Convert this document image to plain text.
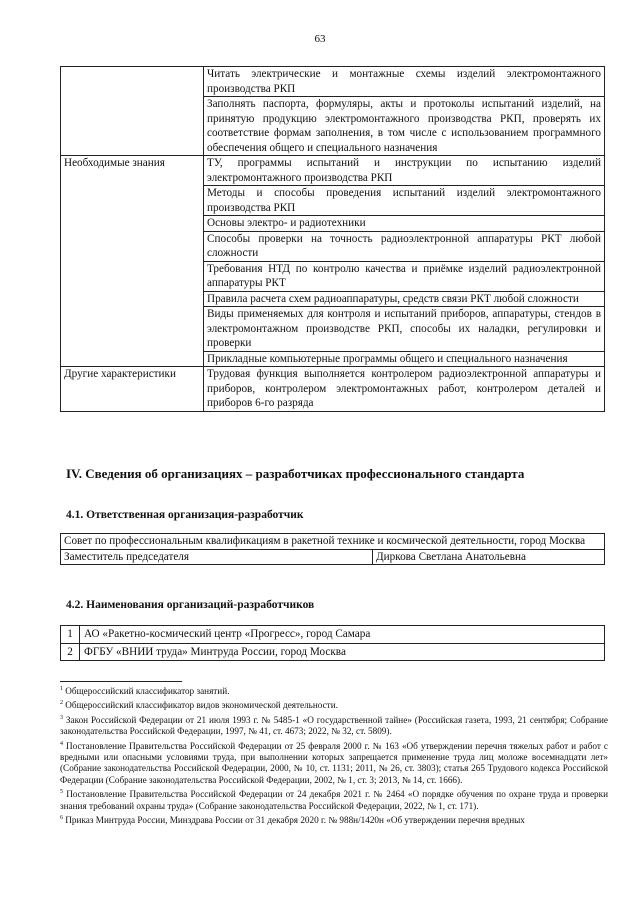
63
	Читать электрические и монтажные схемы изделий электромонтажного производства РКП
	Заполнять паспорта, формуляры, акты и протоколы испытаний изделий, на принятую продукцию электромонтажного производства РКП, проверять их соответствие формам заполнения, в том числе с использованием программного обеспечения общего и специального назначения
Необходимые знания	ТУ, программы испытаний и инструкции по испытанию изделий электромонтажного производства РКП
	Методы и способы проведения испытаний изделий электромонтажного производства РКП
	Основы электро- и радиотехники
	Способы проверки на точность радиоэлектронной аппаратуры РКТ любой сложности
	Требования НТД по контролю качества и приёмке изделий радиоэлектронной аппаратуры РКТ
	Правила расчета схем радиоаппаратуры, средств связи РКТ любой сложности
	Виды применяемых для контроля и испытаний приборов, аппаратуры, стендов в электромонтажном производстве РКП, способы их наладки, регулировки и проверки
	Прикладные компьютерные программы общего и специального назначения
Другие характеристики	Трудовая функция выполняется контролером радиоэлектронной аппаратуры и приборов, контролером электромонтажных работ, контролером деталей и приборов 6-го разряда
IV. Сведения об организациях – разработчиках профессионального стандарта
4.1. Ответственная организация-разработчик
Совет по профессиональным квалификациям в ракетной технике и космической деятельности, город Москва
Заместитель председателя	Диркова Светлана Анатольевна
4.2. Наименования организаций-разработчиков
1	АО «Ракетно-космический центр «Прогресс», город Самара
2	ФГБУ «ВНИИ труда» Минтруда России, город Москва

$^1$ Общероссийский классификатор занятий.

$^2$ Общероссийский классификатор видов экономической деятельности.

$^3$ Закон Российской Федерации от 21 июля 1993 г. № 5485-1 «О государственной тайне» (Российская газета, 1993, 21 сентября; Собрание законодательства Российской Федерации, 1997, № 41, ст. 4673; 2022, № 32, ст. 5809).

$^4$ Постановление Правительства Российской Федерации от 25 февраля 2000 г. № 163 «Об утверждении перечня тяжелых работ и работ с вредными или опасными условиями труда, при выполнении которых запрещается применение труда лиц моложе восемнадцати лет» (Собрание законодательства Российской Федерации, 2000, № 10, ст. 1131; 2011, № 26, ст. 3803); статья 265 Трудового кодекса Российской Федерации (Собрание законодательства Российской Федерации, 2002, № 1, ст. 3; 2013, № 14, ст. 1666).

$^5$ Постановление Правительства Российской Федерации от 24 декабря 2021 г. № 2464 «О порядке обучения по охране труда и проверки знания требований охраны труда» (Собрание законодательства Российской Федерации, 2022, № 1, ст. 171).

$^6$ Приказ Минтруда России, Минздрава России от 31 декабря 2020 г. № 988н/1420н «Об утверждении перечня вредных
